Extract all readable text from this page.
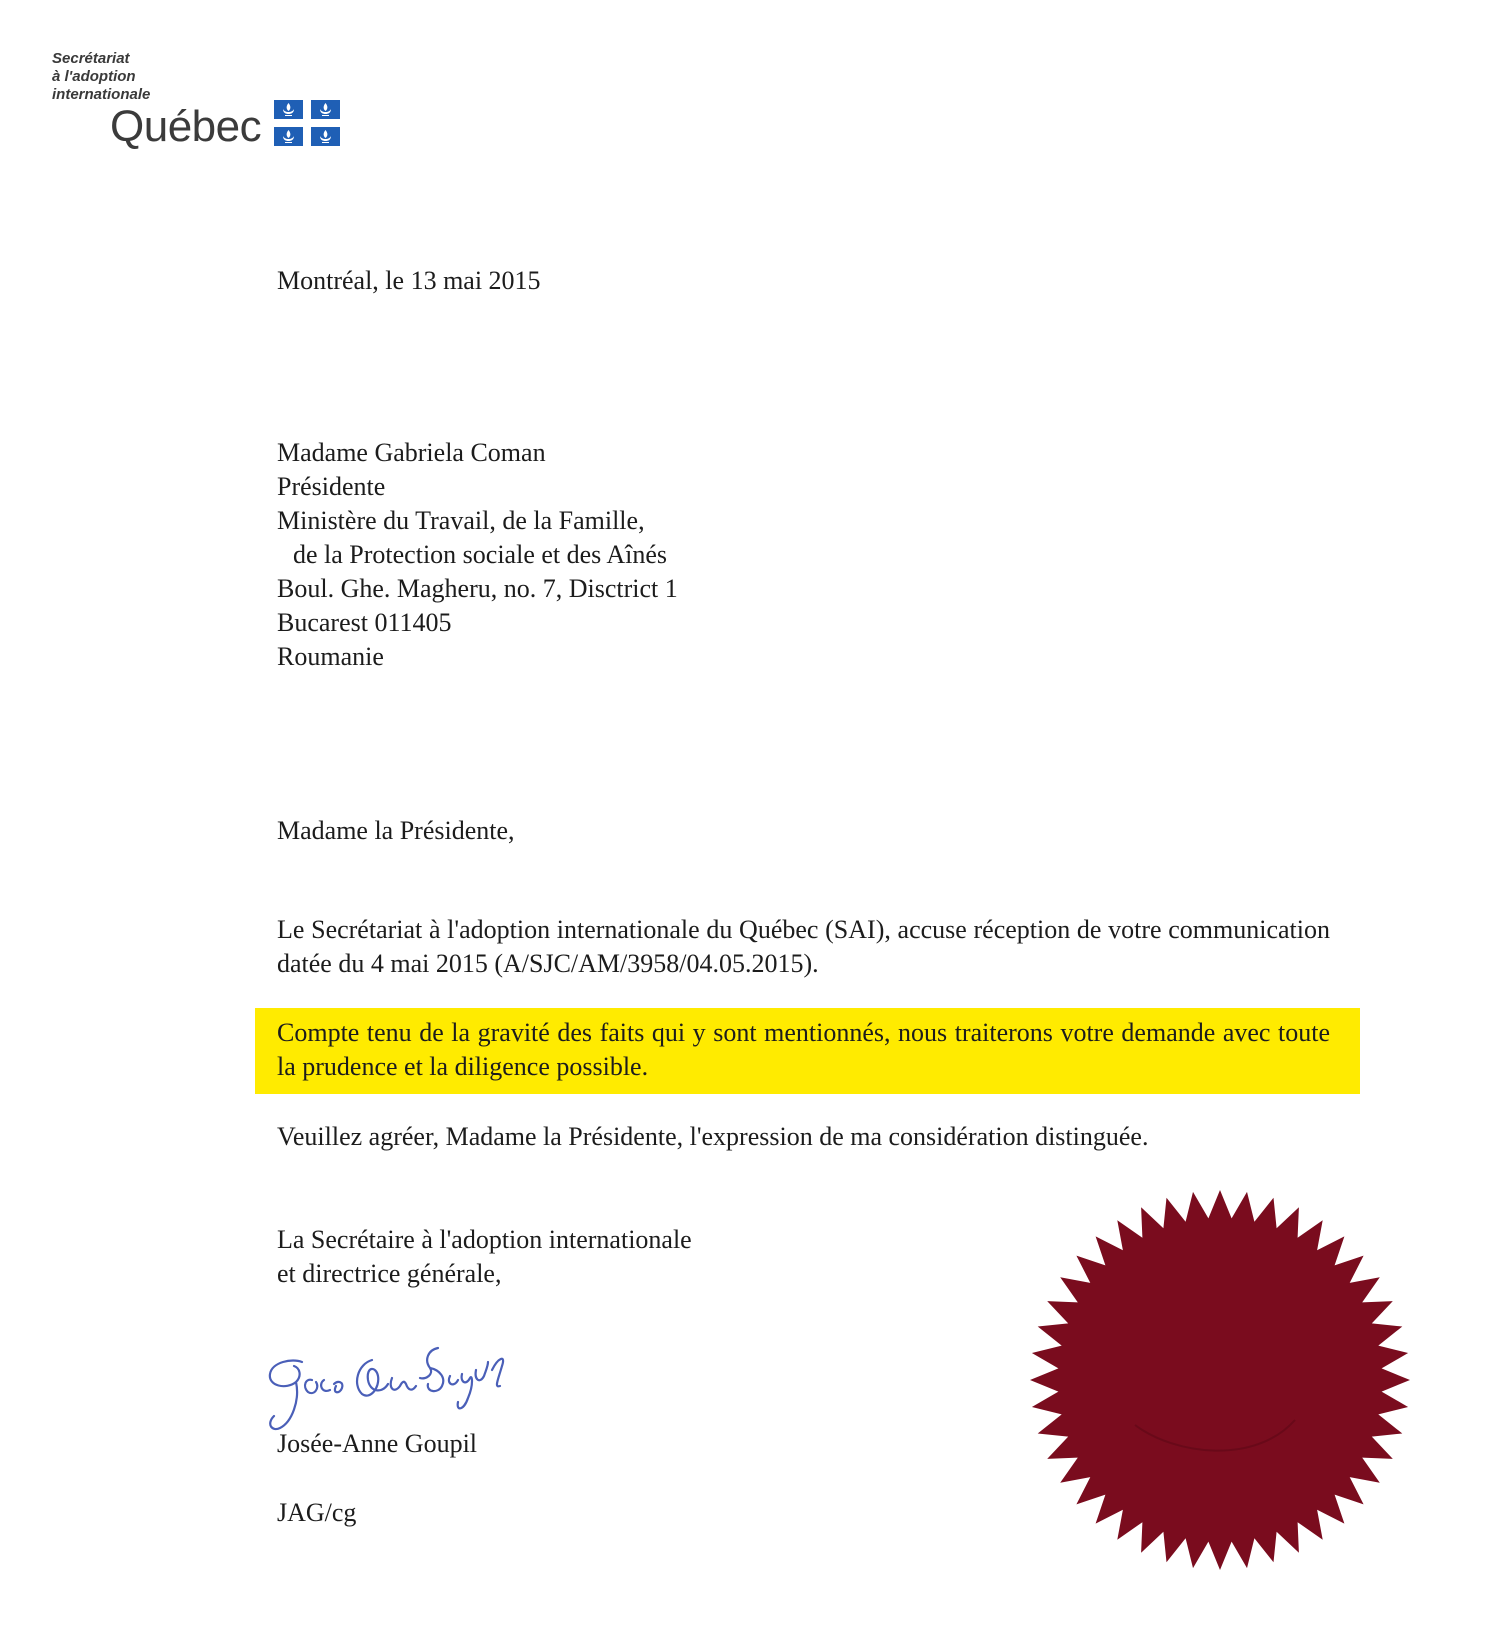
Secrétariat
à l'adoption
internationale
Québec
Montréal, le 13 mai 2015
Madame Gabriela Coman
Présidente
Ministère du Travail, de la Famille,
de la Protection sociale et des Aînés
Boul. Ghe. Magheru, no. 7, Disctrict 1
Bucarest 011405
Roumanie
Madame la Présidente,
Le Secrétariat à l'adoption internationale du Québec (SAI), accuse réception de votre communication datée du 4 mai 2015 (A/SJC/AM/3958/04.05.2015).
Compte tenu de la gravité des faits qui y sont mentionnés, nous traiterons votre demande avec toute la prudence et la diligence possible.
Veuillez agréer, Madame la Présidente, l'expression de ma considération distinguée.
La Secrétaire à l'adoption internationale
et directrice générale,
Josée-Anne Goupil
JAG/cg
